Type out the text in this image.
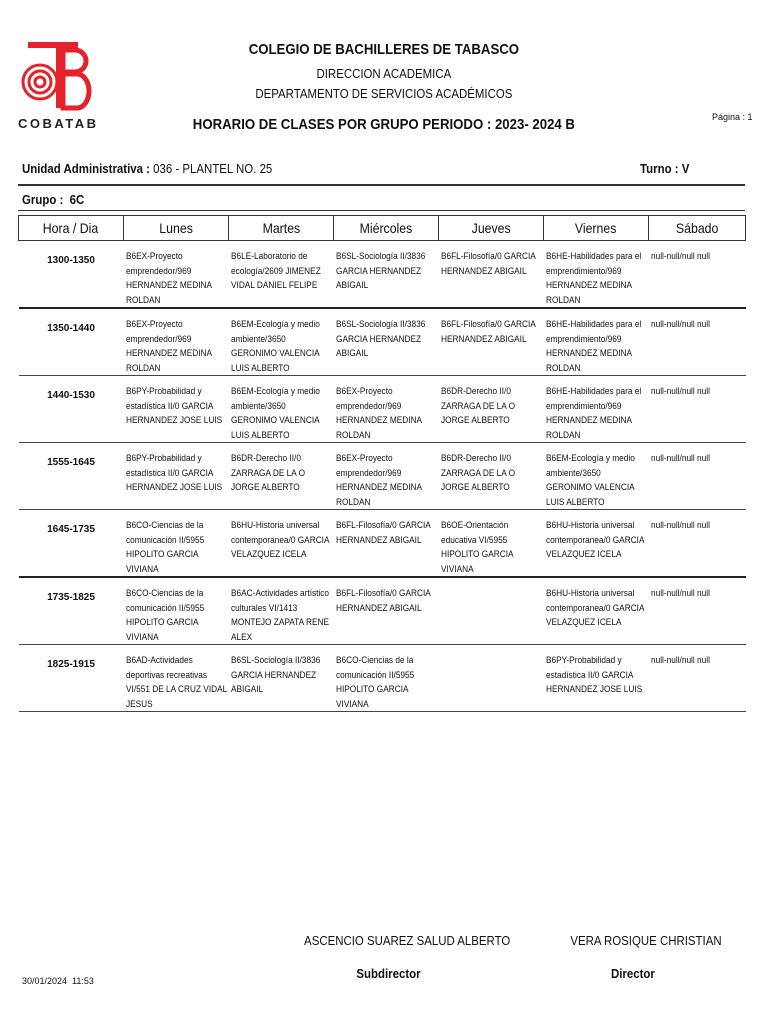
COBATAB
COLEGIO DE BACHILLERES DE TABASCO
DIRECCION ACADEMICA
DEPARTAMENTO DE SERVICIOS ACADÉMICOS
HORARIO DE CLASES POR GRUPO PERIODO : 2023- 2024 B	Página : 1
Unidad Administrativa : 036 - PLANTEL NO. 25	Turno : V
Grupo : 6C
Hora / Dia	Lunes	Martes	Miércoles	Jueves	Viernes	Sábado
1300-1350	B6EX-Proyecto emprendedor/969 HERNANDEZ MEDINA ROLDAN	B6LE-Laboratorio de ecología/2609 JIMENEZ VIDAL DANIEL FELIPE	B6SL-Sociología II/3836 GARCIA HERNANDEZ ABIGAIL	B6FL-Filosofía/0 GARCIA HERNANDEZ ABIGAIL	B6HE-Habilidades para el emprendimiento/969 HERNANDEZ MEDINA ROLDAN	null-null/null null

1350-1440	B6EX-Proyecto emprendedor/969 HERNANDEZ MEDINA ROLDAN	B6EM-Ecología y medio ambiente/3650 GERONIMO VALENCIA LUIS ALBERTO	B6SL-Sociología II/3836 GARCIA HERNANDEZ ABIGAIL	B6FL-Filosofía/0 GARCIA HERNANDEZ ABIGAIL	B6HE-Habilidades para el emprendimiento/969 HERNANDEZ MEDINA ROLDAN	null-null/null null

1440-1530	B6PY-Probabilidad y estadística II/0 GARCIA HERNANDEZ JOSE LUIS	B6EM-Ecología y medio ambiente/3650 GERONIMO VALENCIA LUIS ALBERTO	B6EX-Proyecto emprendedor/969 HERNANDEZ MEDINA ROLDAN	B6DR-Derecho II/0 ZARRAGA DE LA O JORGE ALBERTO	B6HE-Habilidades para el emprendimiento/969 HERNANDEZ MEDINA ROLDAN	null-null/null null

1555-1645	B6PY-Probabilidad y estadística II/0 GARCIA HERNANDEZ JOSE LUIS	B6DR-Derecho II/0 ZARRAGA DE LA O JORGE ALBERTO	B6EX-Proyecto emprendedor/969 HERNANDEZ MEDINA ROLDAN	B6DR-Derecho II/0 ZARRAGA DE LA O JORGE ALBERTO	B6EM-Ecología y medio ambiente/3650 GERONIMO VALENCIA LUIS ALBERTO	null-null/null null

1645-1735	B6CO-Ciencias de la comunicación II/5955 HIPOLITO GARCIA VIVIANA	B6HU-Historia universal contemporanea/0 GARCIA VELAZQUEZ ICELA	B6FL-Filosofía/0 GARCIA HERNANDEZ ABIGAIL	B6OE-Orientación educativa VI/5955 HIPOLITO GARCIA VIVIANA	B6HU-Historia universal contemporanea/0 GARCIA VELAZQUEZ ICELA	null-null/null null

1735-1825	B6CO-Ciencias de la comunicación II/5955 HIPOLITO GARCIA VIVIANA	B6AC-Actividades artístico culturales VI/1413 MONTEJO ZAPATA RENE ALEX	B6FL-Filosofía/0 GARCIA HERNANDEZ ABIGAIL		B6HU-Historia universal contemporanea/0 GARCIA VELAZQUEZ ICELA	null-null/null null

1825-1915	B6AD-Actividades deportivas recreativas VI/551 DE LA CRUZ VIDAL JESUS	B6SL-Sociología II/3836 GARCIA HERNANDEZ ABIGAIL	B6CO-Ciencias de la comunicación II/5955 HIPOLITO GARCIA VIVIANA		B6PY-Probabilidad y estadística II/0 GARCIA HERNANDEZ JOSE LUIS	null-null/null null
ASCENCIO SUAREZ SALUD ALBERTO
Subdirector
VERA ROSIQUE CHRISTIAN
Director
30/01/2024 11:53
